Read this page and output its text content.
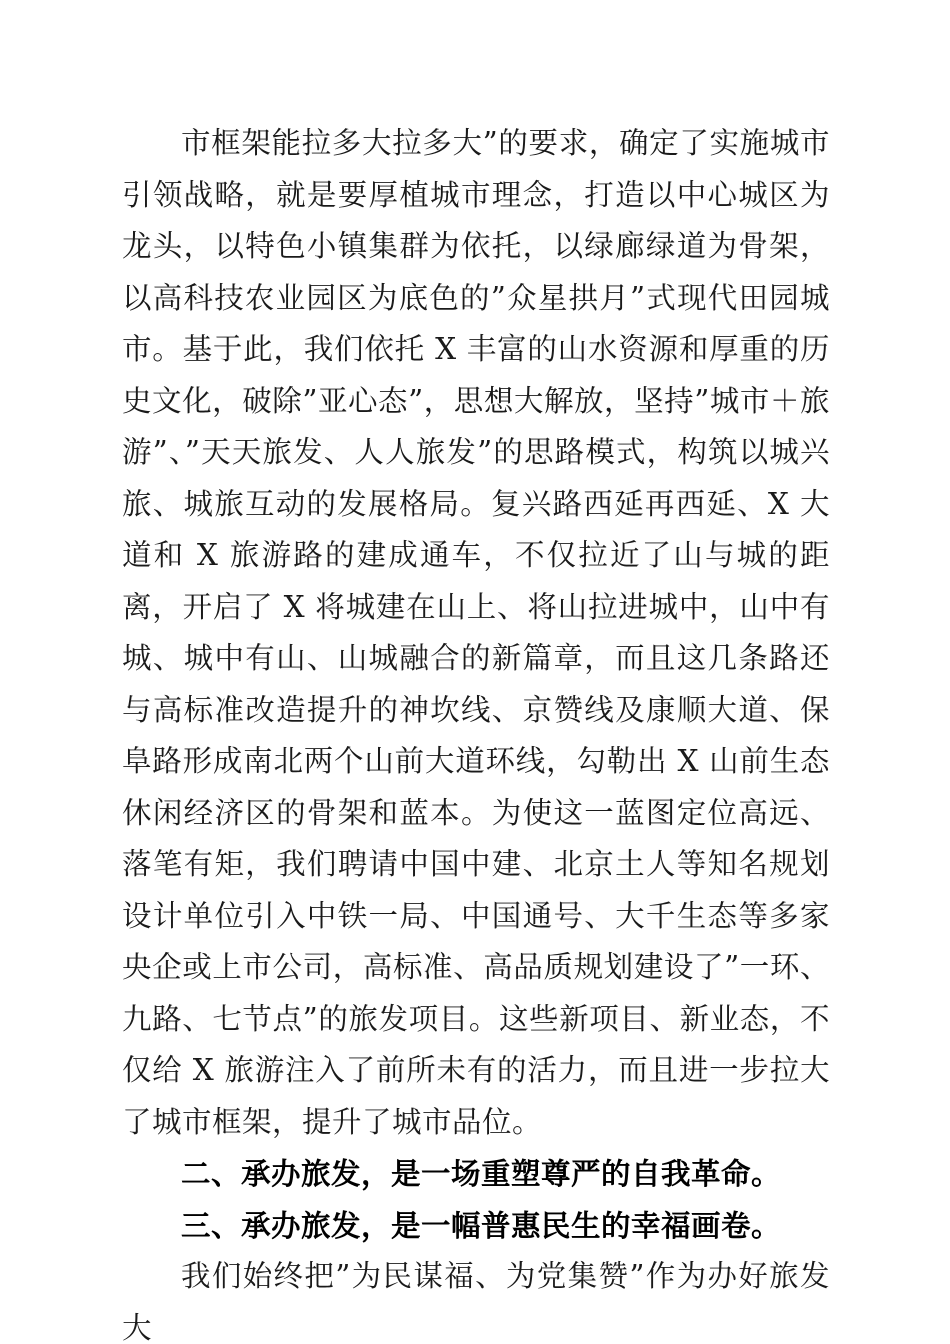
市框架能拉多大拉多大”的要求，确定了实施城市引领战略，就是要厚植城市理念，打造以中心城区为龙头，以特色小镇集群为依托，以绿廊绿道为骨架，以高科技农业园区为底色的”众星拱月”式现代田园城市。基于此，我们依托 X 丰富的山水资源和厚重的历史文化，破除”亚心态”，思想大解放，坚持”城市＋旅游”、”天天旅发、人人旅发”的思路模式，构筑以城兴旅、城旅互动的发展格局。复兴路西延再西延、X 大道和 X 旅游路的建成通车，不仅拉近了山与城的距离，开启了 X 将城建在山上、将山拉进城中，山中有城、城中有山、山城融合的新篇章，而且这几条路还与高标准改造提升的神坎线、京赞线及康顺大道、保阜路形成南北两个山前大道环线，勾勒出 X 山前生态休闲经济区的骨架和蓝本。为使这一蓝图定位高远、落笔有矩，我们聘请中国中建、北京土人等知名规划设计单位引入中铁一局、中国通号、大千生态等多家央企或上市公司，高标准、高品质规划建设了”一环、九路、七节点”的旅发项目。这些新项目、新业态，不仅给 X 旅游注入了前所未有的活力，而且进一步拉大了城市框架，提升了城市品位。

二、承办旅发，是一场重塑尊严的自我革命。

三、承办旅发，是一幅普惠民生的幸福画卷。

我们始终把”为民谋福、为党集赞”作为办好旅发大
